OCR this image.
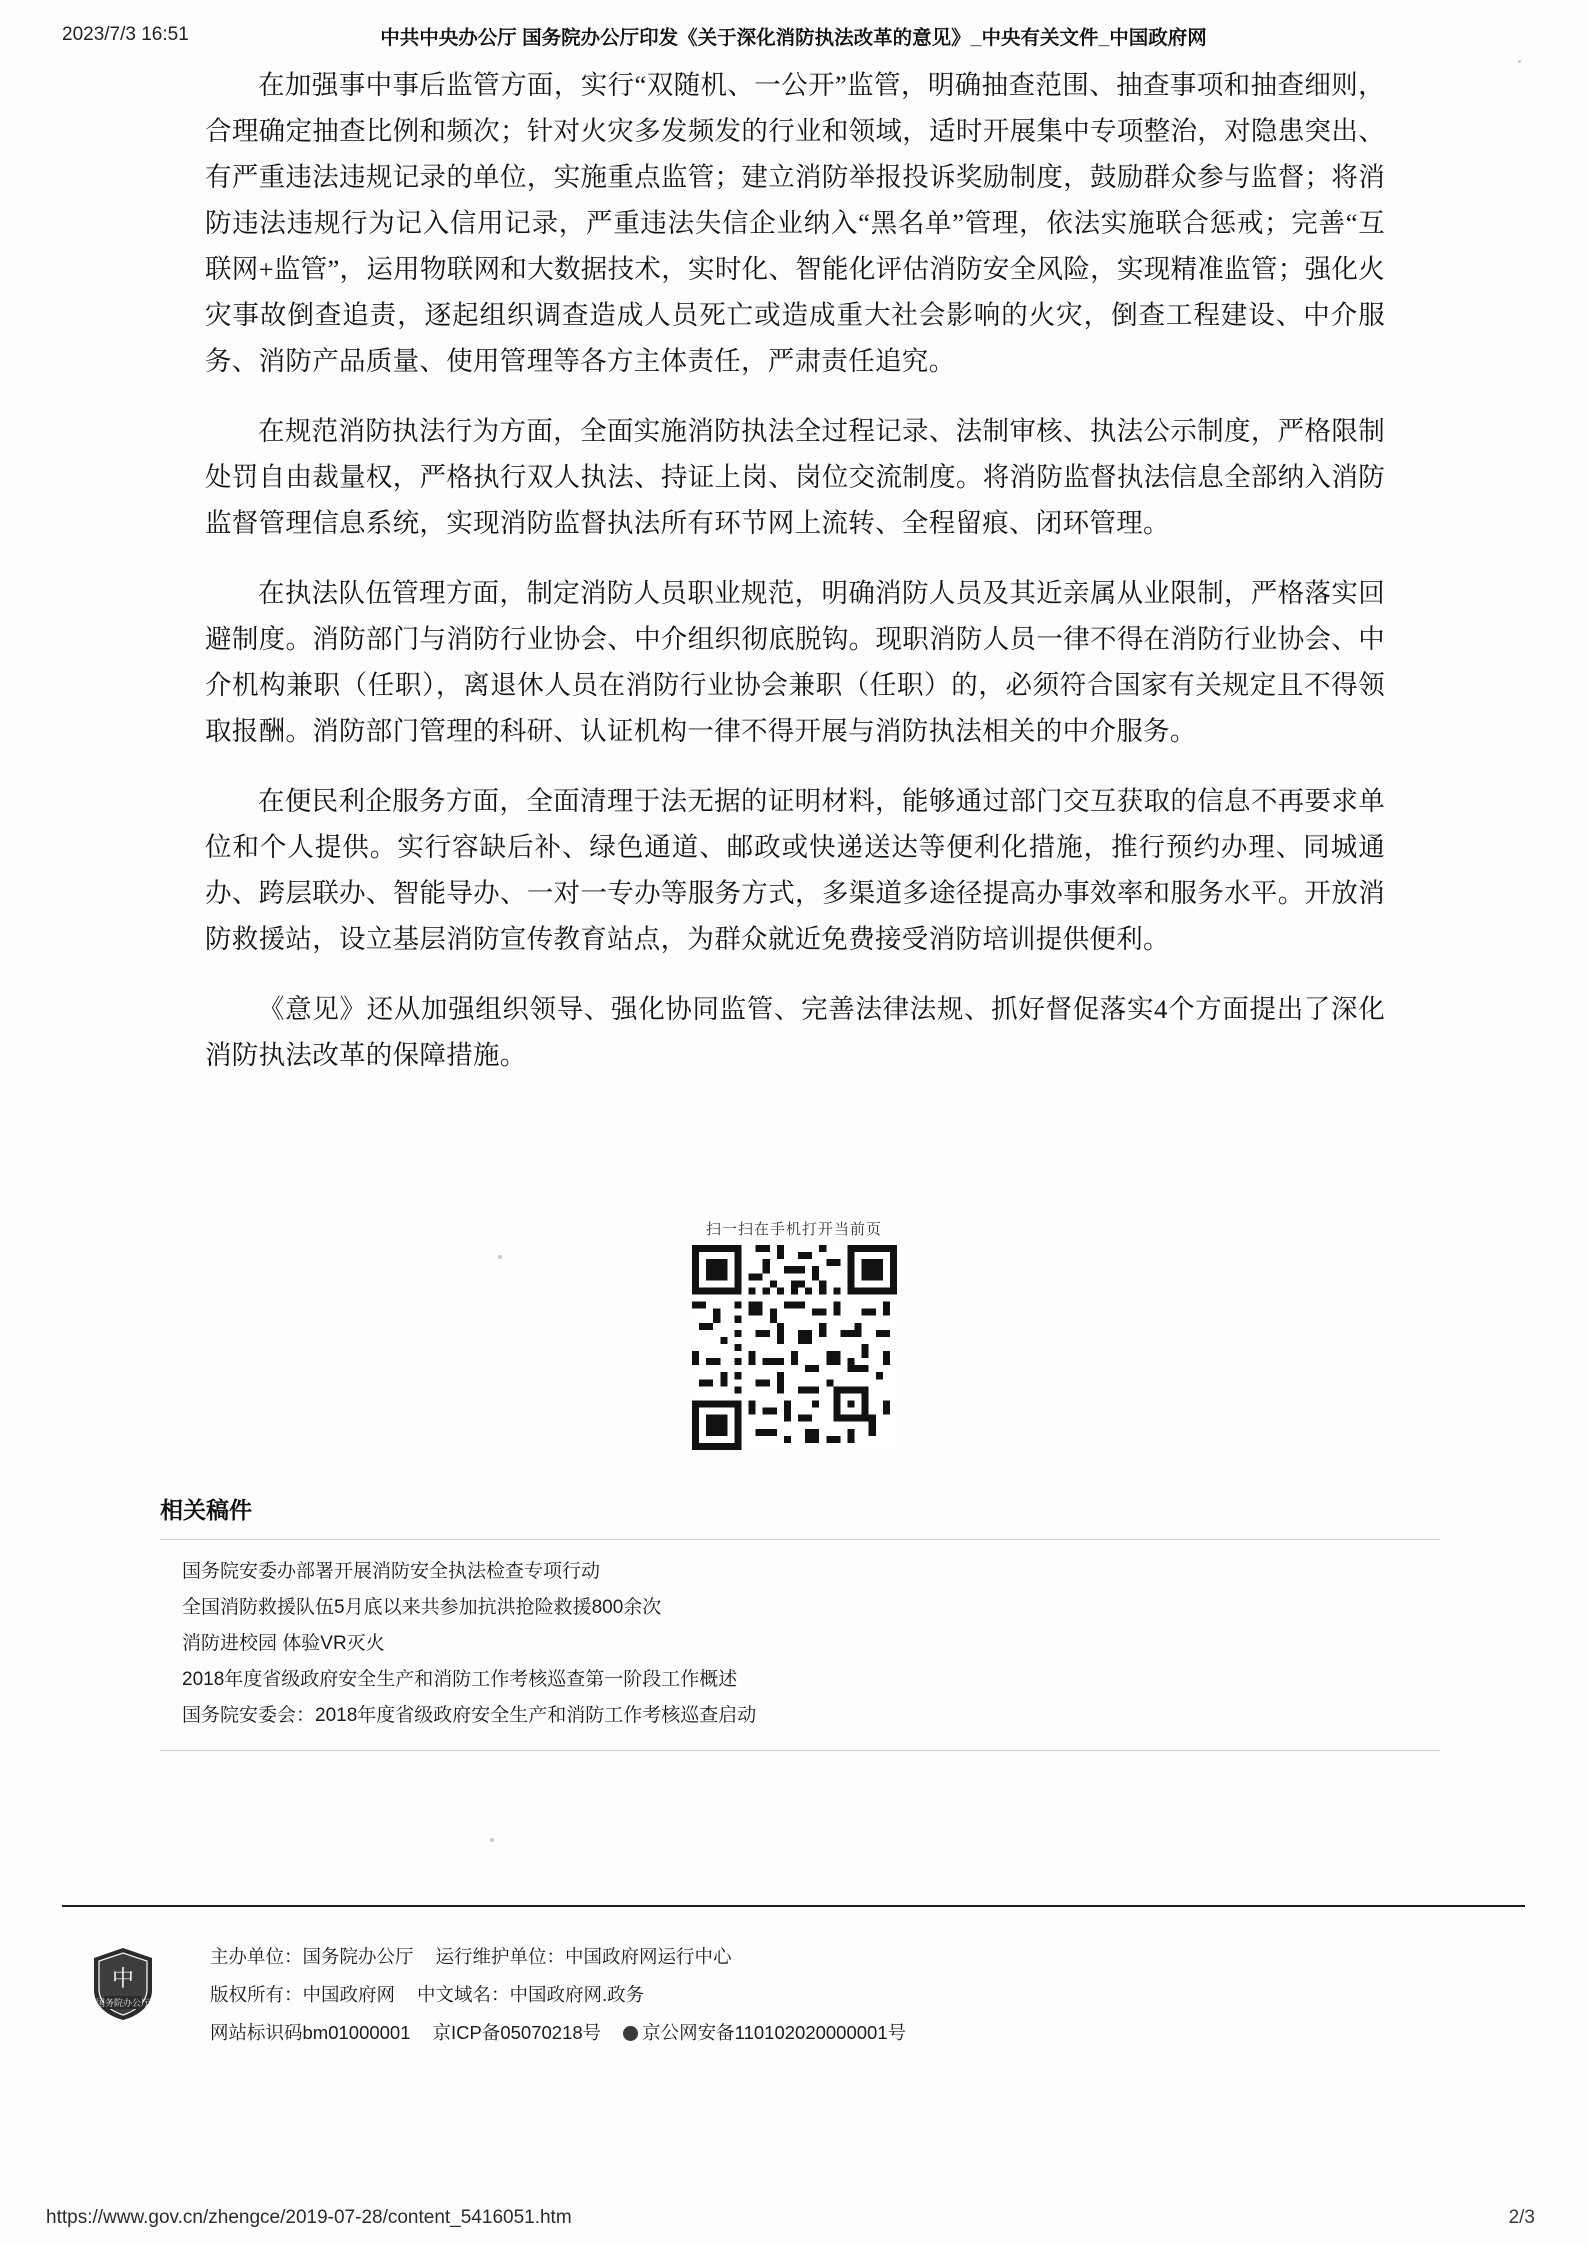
2023/7/3 16:51	中共中央办公厅 国务院办公厅印发《关于深化消防执法改革的意见》_中央有关文件_中国政府网

在加强事中事后监管方面，实行“双随机、一公开”监管，明确抽查范围、抽查事项和抽查细则，合理确定抽查比例和频次；针对火灾多发频发的行业和领域，适时开展集中专项整治，对隐患突出、有严重违法违规记录的单位，实施重点监管；建立消防举报投诉奖励制度，鼓励群众参与监督；将消防违法违规行为记入信用记录，严重违法失信企业纳入“黑名单”管理，依法实施联合惩戒；完善“互联网+监管”，运用物联网和大数据技术，实时化、智能化评估消防安全风险，实现精准监管；强化火灾事故倒查追责，逐起组织调查造成人员死亡或造成重大社会影响的火灾，倒查工程建设、中介服务、消防产品质量、使用管理等各方主体责任，严肃责任追究。

在规范消防执法行为方面，全面实施消防执法全过程记录、法制审核、执法公示制度，严格限制处罚自由裁量权，严格执行双人执法、持证上岗、岗位交流制度。将消防监督执法信息全部纳入消防监督管理信息系统，实现消防监督执法所有环节网上流转、全程留痕、闭环管理。

在执法队伍管理方面，制定消防人员职业规范，明确消防人员及其近亲属从业限制，严格落实回避制度。消防部门与消防行业协会、中介组织彻底脱钩。现职消防人员一律不得在消防行业协会、中介机构兼职（任职），离退休人员在消防行业协会兼职（任职）的，必须符合国家有关规定且不得领取报酬。消防部门管理的科研、认证机构一律不得开展与消防执法相关的中介服务。

在便民利企服务方面，全面清理于法无据的证明材料，能够通过部门交互获取的信息不再要求单位和个人提供。实行容缺后补、绿色通道、邮政或快递送达等便利化措施，推行预约办理、同城通办、跨层联办、智能导办、一对一专办等服务方式，多渠道多途径提高办事效率和服务水平。开放消防救援站，设立基层消防宣传教育站点，为群众就近免费接受消防培训提供便利。

《意见》还从加强组织领导、强化协同监管、完善法律法规、抓好督促落实4个方面提出了深化消防执法改革的保障措施。

扫一扫在手机打开当前页
相关稿件
国务院安委办部署开展消防安全执法检查专项行动
全国消防救援队伍5月底以来共参加抗洪抢险救援800余次
消防进校园 体验VR灭火
2018年度省级政府安全生产和消防工作考核巡查第一阶段工作概述
国务院安委会：2018年度省级政府安全生产和消防工作考核巡查启动
中
国务院办公厅
主办单位：国务院办公厅 运行维护单位：中国政府网运行中心
版权所有：中国政府网 中文域名：中国政府网.政务
网站标识码bm01000001 京ICP备05070218号 京公网安备110102020000001号
https://www.gov.cn/zhengce/2019-07-28/content_5416051.htm	2/3
